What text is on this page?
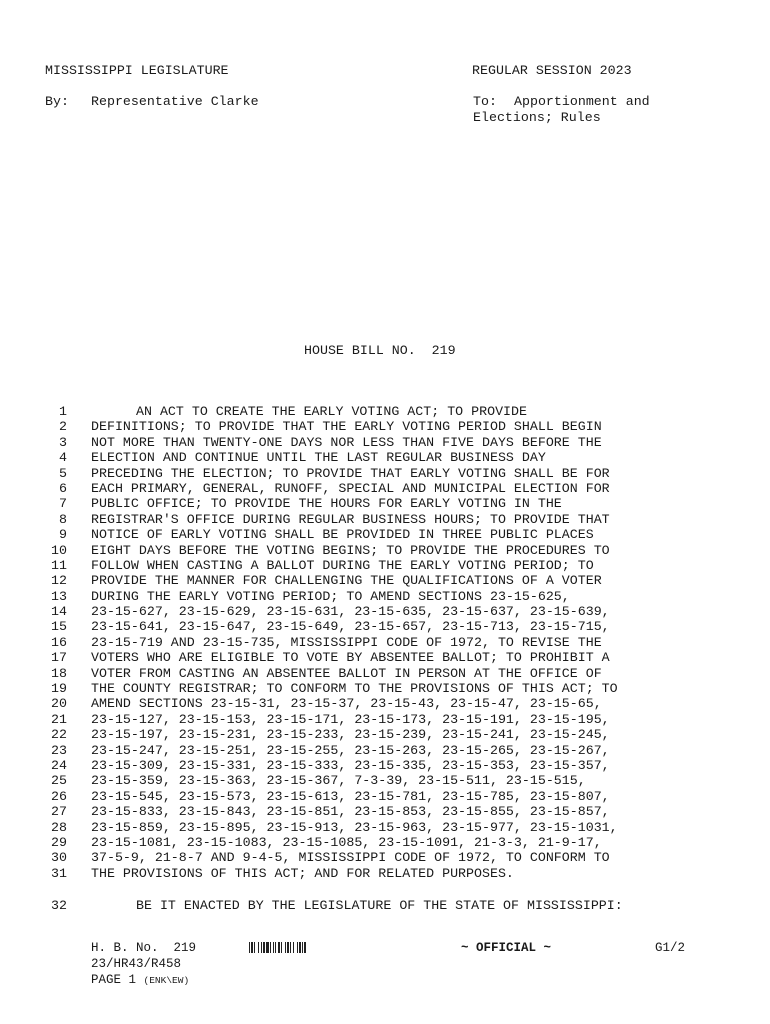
MISSISSIPPI LEGISLATURE	REGULAR SESSION 2023
By: Representative Clarke	To: Apportionment and
Elections; Rules
HOUSE BILL NO.  219
1	AN ACT TO CREATE THE EARLY VOTING ACT; TO PROVIDE
2 DEFINITIONS; TO PROVIDE THAT THE EARLY VOTING PERIOD SHALL BEGIN
3 NOT MORE THAN TWENTY-ONE DAYS NOR LESS THAN FIVE DAYS BEFORE THE
4 ELECTION AND CONTINUE UNTIL THE LAST REGULAR BUSINESS DAY
5 PRECEDING THE ELECTION; TO PROVIDE THAT EARLY VOTING SHALL BE FOR
6 EACH PRIMARY, GENERAL, RUNOFF, SPECIAL AND MUNICIPAL ELECTION FOR
7 PUBLIC OFFICE; TO PROVIDE THE HOURS FOR EARLY VOTING IN THE
8 REGISTRAR'S OFFICE DURING REGULAR BUSINESS HOURS; TO PROVIDE THAT
9 NOTICE OF EARLY VOTING SHALL BE PROVIDED IN THREE PUBLIC PLACES
10 EIGHT DAYS BEFORE THE VOTING BEGINS; TO PROVIDE THE PROCEDURES TO
11 FOLLOW WHEN CASTING A BALLOT DURING THE EARLY VOTING PERIOD; TO
12 PROVIDE THE MANNER FOR CHALLENGING THE QUALIFICATIONS OF A VOTER
13 DURING THE EARLY VOTING PERIOD; TO AMEND SECTIONS 23-15-625,
14 23-15-627, 23-15-629, 23-15-631, 23-15-635, 23-15-637, 23-15-639,
15 23-15-641, 23-15-647, 23-15-649, 23-15-657, 23-15-713, 23-15-715,
16 23-15-719 AND 23-15-735, MISSISSIPPI CODE OF 1972, TO REVISE THE
17 VOTERS WHO ARE ELIGIBLE TO VOTE BY ABSENTEE BALLOT; TO PROHIBIT A
18 VOTER FROM CASTING AN ABSENTEE BALLOT IN PERSON AT THE OFFICE OF
19 THE COUNTY REGISTRAR; TO CONFORM TO THE PROVISIONS OF THIS ACT; TO
20 AMEND SECTIONS 23-15-31, 23-15-37, 23-15-43, 23-15-47, 23-15-65,
21 23-15-127, 23-15-153, 23-15-171, 23-15-173, 23-15-191, 23-15-195,
22 23-15-197, 23-15-231, 23-15-233, 23-15-239, 23-15-241, 23-15-245,
23 23-15-247, 23-15-251, 23-15-255, 23-15-263, 23-15-265, 23-15-267,
24 23-15-309, 23-15-331, 23-15-333, 23-15-335, 23-15-353, 23-15-357,
25 23-15-359, 23-15-363, 23-15-367, 7-3-39, 23-15-511, 23-15-515,
26 23-15-545, 23-15-573, 23-15-613, 23-15-781, 23-15-785, 23-15-807,
27 23-15-833, 23-15-843, 23-15-851, 23-15-853, 23-15-855, 23-15-857,
28 23-15-859, 23-15-895, 23-15-913, 23-15-963, 23-15-977, 23-15-1031,
29 23-15-1081, 23-15-1083, 23-15-1085, 23-15-1091, 21-3-3, 21-9-17,
30 37-5-9, 21-8-7 AND 9-4-5, MISSISSIPPI CODE OF 1972, TO CONFORM TO
31 THE PROVISIONS OF THIS ACT; AND FOR RELATED PURPOSES.
32	BE IT ENACTED BY THE LEGISLATURE OF THE STATE OF MISSISSIPPI:
H. B. No.  219	~ OFFICIAL ~	G1/2
23/HR43/R458
PAGE 1 (ENK\EW)
